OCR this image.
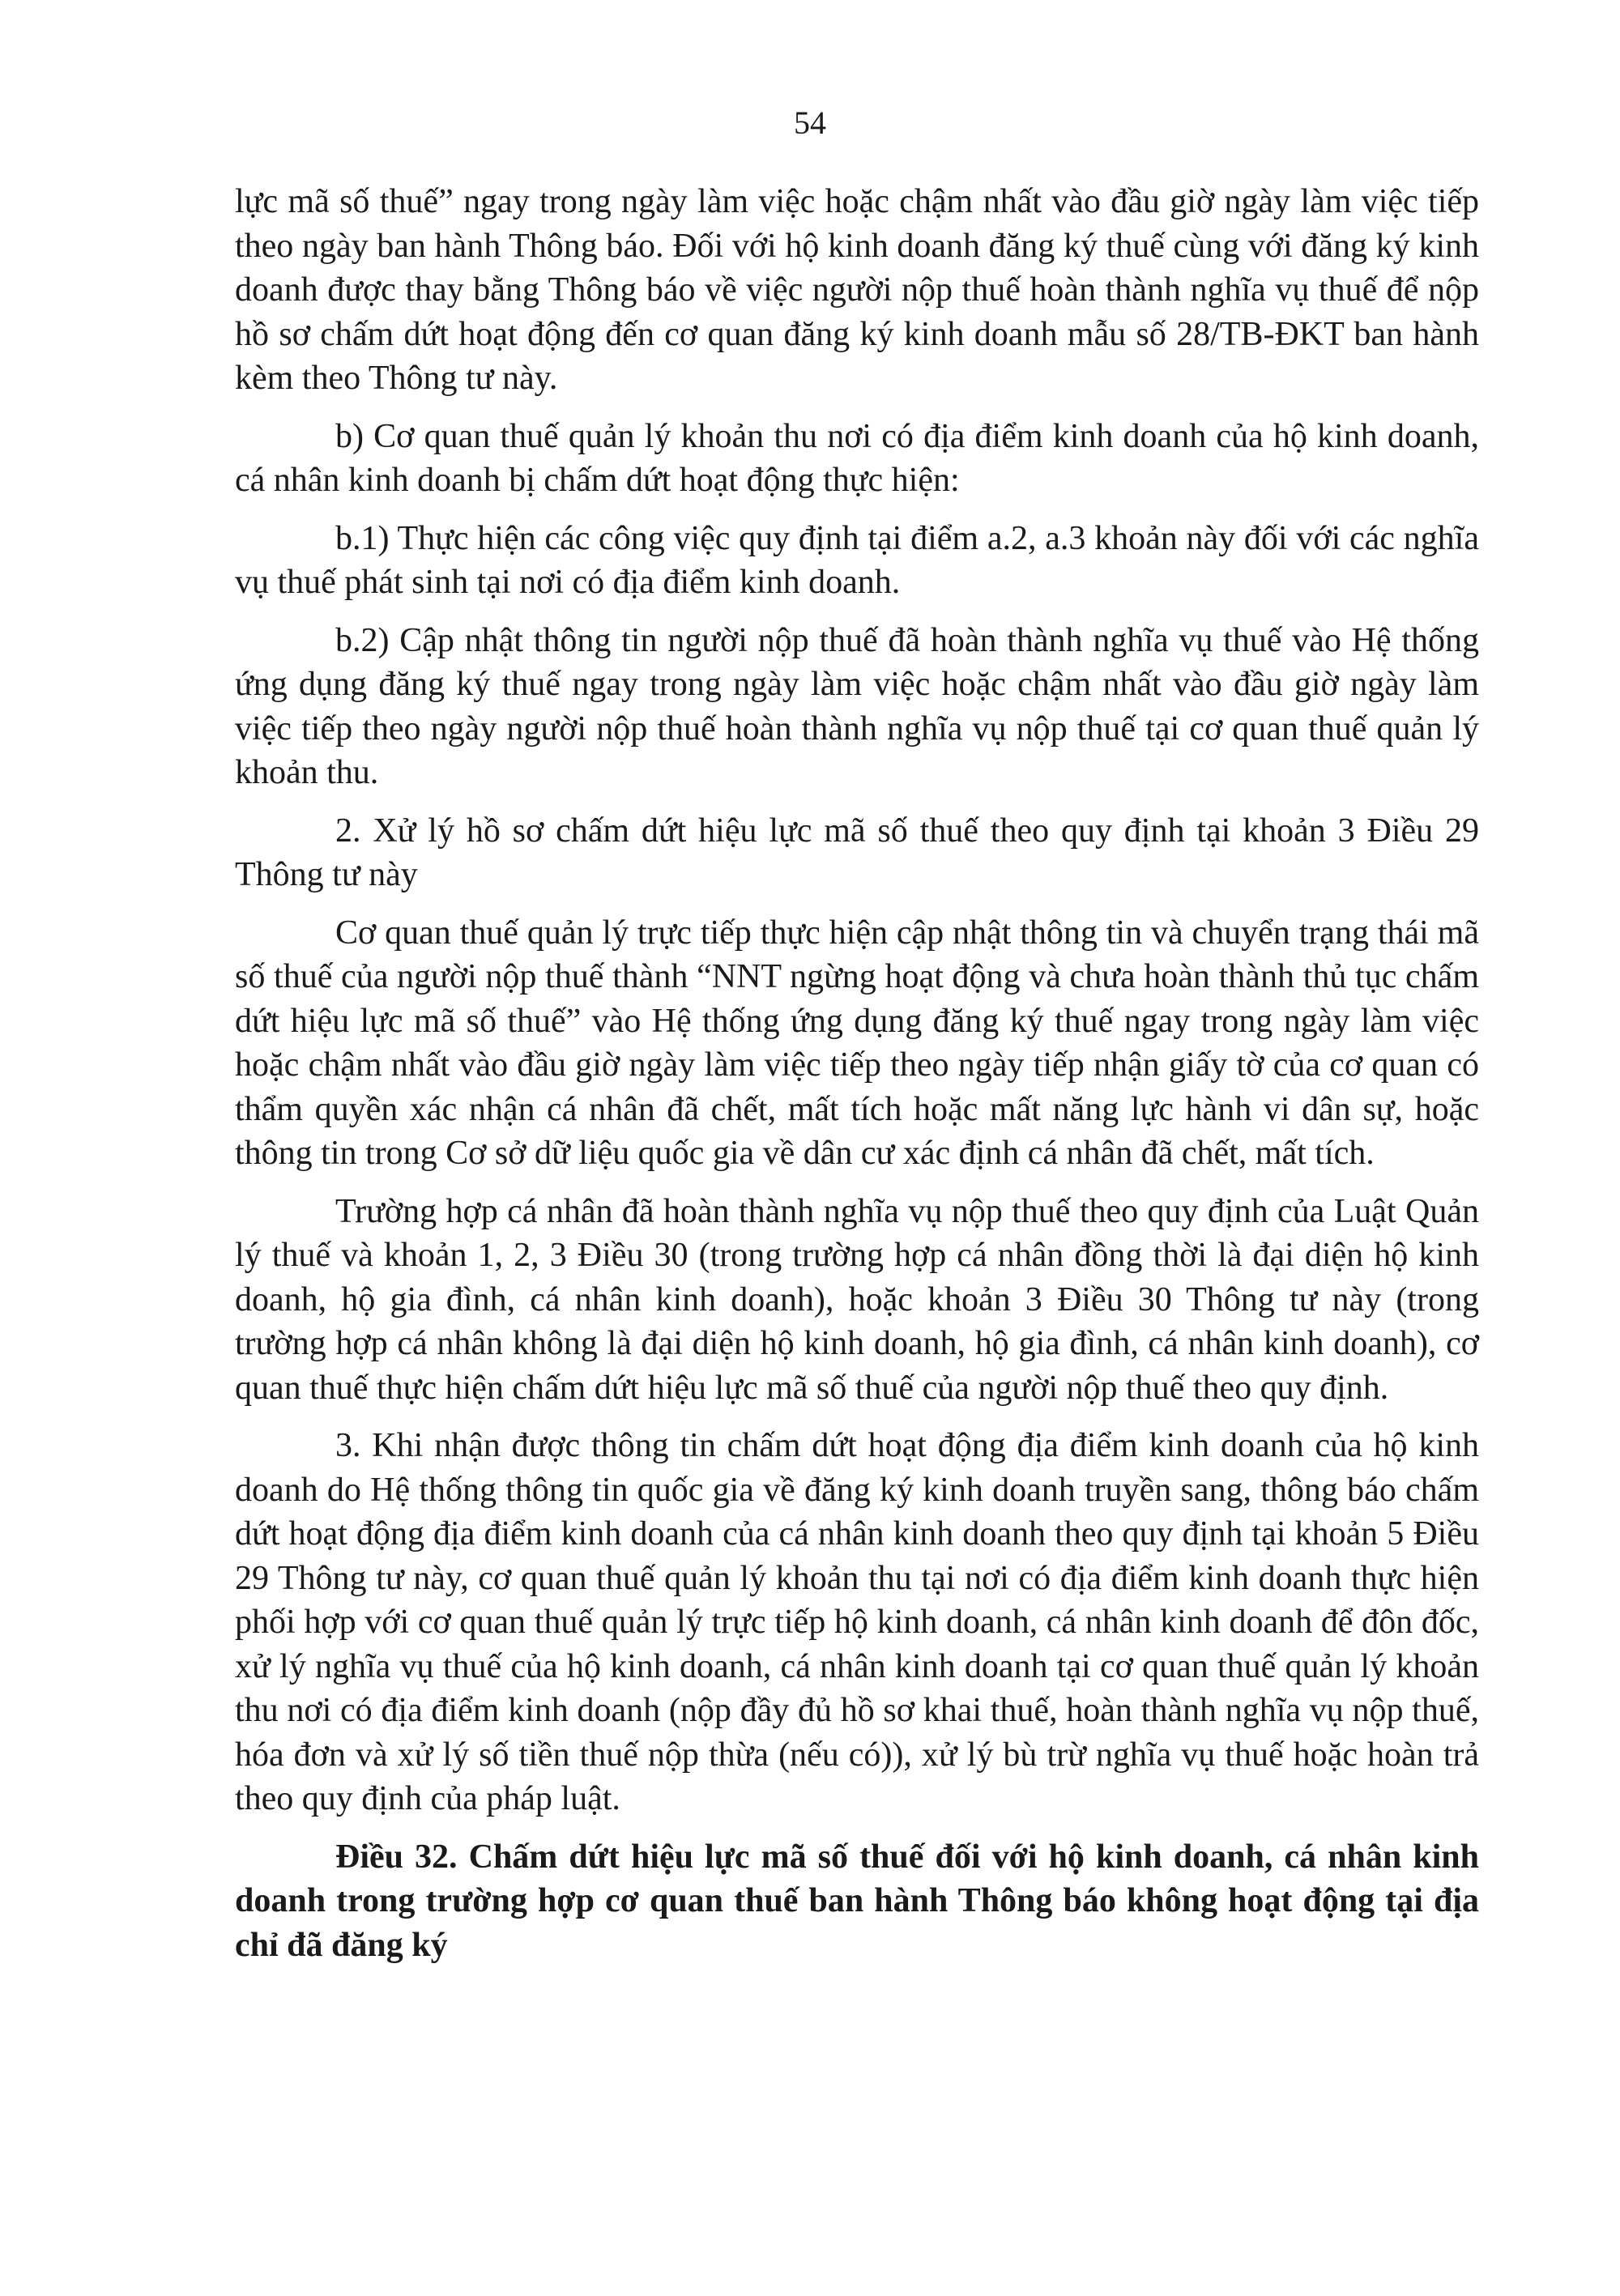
54

lực mã số thuế” ngay trong ngày làm việc hoặc chậm nhất vào đầu giờ ngày làm việc tiếp theo ngày ban hành Thông báo. Đối với hộ kinh doanh đăng ký thuế cùng với đăng ký kinh doanh được thay bằng Thông báo về việc người nộp thuế hoàn thành nghĩa vụ thuế để nộp hồ sơ chấm dứt hoạt động đến cơ quan đăng ký kinh doanh mẫu số 28/TB-ĐKT ban hành kèm theo Thông tư này.

b) Cơ quan thuế quản lý khoản thu nơi có địa điểm kinh doanh của hộ kinh doanh, cá nhân kinh doanh bị chấm dứt hoạt động thực hiện:

b.1) Thực hiện các công việc quy định tại điểm a.2, a.3 khoản này đối với các nghĩa vụ thuế phát sinh tại nơi có địa điểm kinh doanh.

b.2) Cập nhật thông tin người nộp thuế đã hoàn thành nghĩa vụ thuế vào Hệ thống ứng dụng đăng ký thuế ngay trong ngày làm việc hoặc chậm nhất vào đầu giờ ngày làm việc tiếp theo ngày người nộp thuế hoàn thành nghĩa vụ nộp thuế tại cơ quan thuế quản lý khoản thu.

2. Xử lý hồ sơ chấm dứt hiệu lực mã số thuế theo quy định tại khoản 3 Điều 29 Thông tư này

Cơ quan thuế quản lý trực tiếp thực hiện cập nhật thông tin và chuyển trạng thái mã số thuế của người nộp thuế thành “NNT ngừng hoạt động và chưa hoàn thành thủ tục chấm dứt hiệu lực mã số thuế” vào Hệ thống ứng dụng đăng ký thuế ngay trong ngày làm việc hoặc chậm nhất vào đầu giờ ngày làm việc tiếp theo ngày tiếp nhận giấy tờ của cơ quan có thẩm quyền xác nhận cá nhân đã chết, mất tích hoặc mất năng lực hành vi dân sự, hoặc thông tin trong Cơ sở dữ liệu quốc gia về dân cư xác định cá nhân đã chết, mất tích.

Trường hợp cá nhân đã hoàn thành nghĩa vụ nộp thuế theo quy định của Luật Quản lý thuế và khoản 1, 2, 3 Điều 30 (trong trường hợp cá nhân đồng thời là đại diện hộ kinh doanh, hộ gia đình, cá nhân kinh doanh), hoặc khoản 3 Điều 30 Thông tư này (trong trường hợp cá nhân không là đại diện hộ kinh doanh, hộ gia đình, cá nhân kinh doanh), cơ quan thuế thực hiện chấm dứt hiệu lực mã số thuế của người nộp thuế theo quy định.

3. Khi nhận được thông tin chấm dứt hoạt động địa điểm kinh doanh của hộ kinh doanh do Hệ thống thông tin quốc gia về đăng ký kinh doanh truyền sang, thông báo chấm dứt hoạt động địa điểm kinh doanh của cá nhân kinh doanh theo quy định tại khoản 5 Điều 29 Thông tư này, cơ quan thuế quản lý khoản thu tại nơi có địa điểm kinh doanh thực hiện phối hợp với cơ quan thuế quản lý trực tiếp hộ kinh doanh, cá nhân kinh doanh để đôn đốc, xử lý nghĩa vụ thuế của hộ kinh doanh, cá nhân kinh doanh tại cơ quan thuế quản lý khoản thu nơi có địa điểm kinh doanh (nộp đầy đủ hồ sơ khai thuế, hoàn thành nghĩa vụ nộp thuế, hóa đơn và xử lý số tiền thuế nộp thừa (nếu có)), xử lý bù trừ nghĩa vụ thuế hoặc hoàn trả theo quy định của pháp luật.

Điều 32. Chấm dứt hiệu lực mã số thuế đối với hộ kinh doanh, cá nhân kinh doanh trong trường hợp cơ quan thuế ban hành Thông báo không hoạt động tại địa chỉ đã đăng ký
